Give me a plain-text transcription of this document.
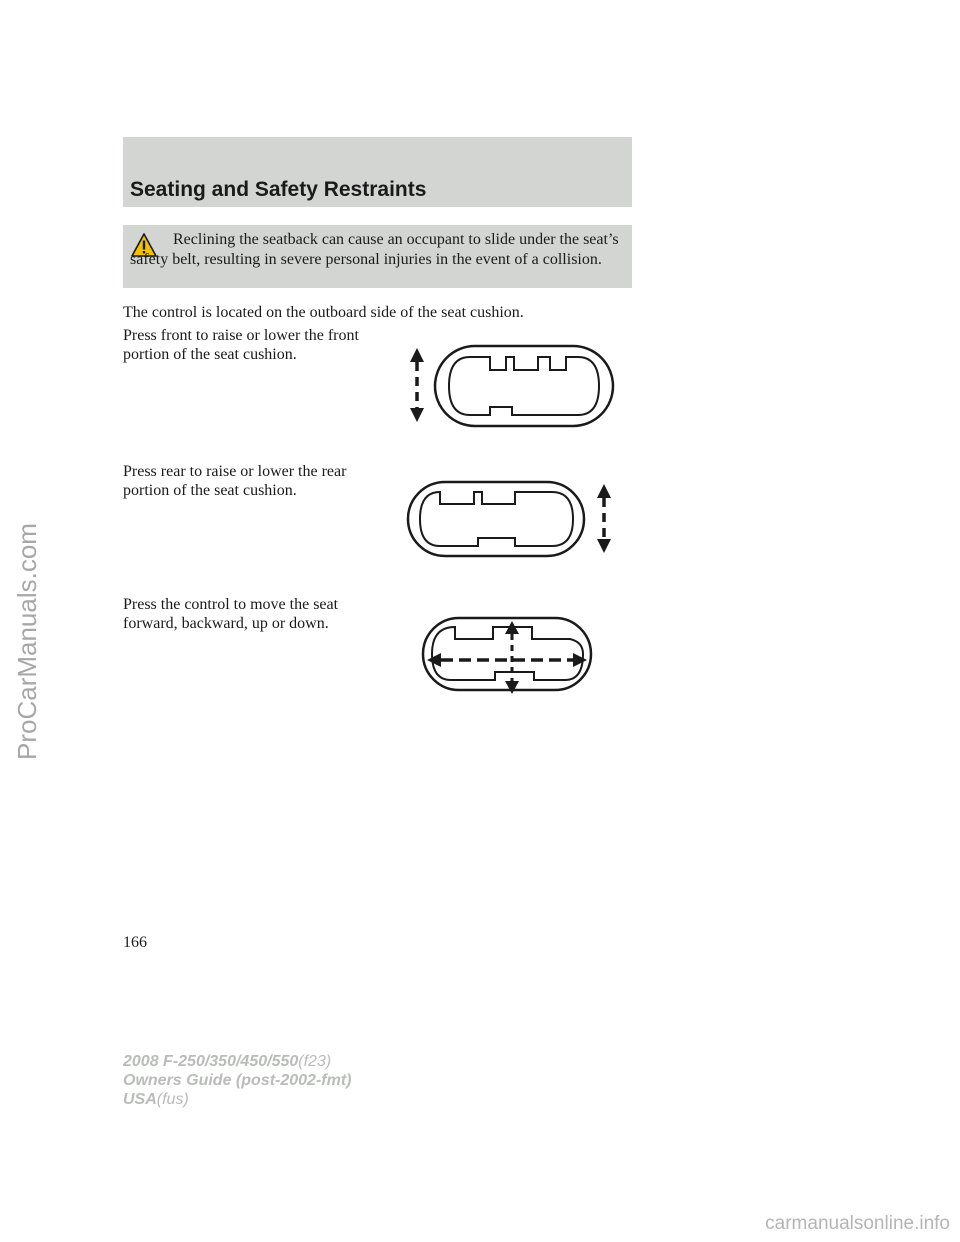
Seating and Safety Restraints

Reclining the seatback can cause an occupant to slide under the seat’s safety belt, resulting in severe personal injuries in the event of a collision.

The control is located on the outboard side of the seat cushion.

Press front to raise or lower the front portion of the seat cushion.

Press rear to raise or lower the rear portion of the seat cushion.

Press the control to move the seat forward, backward, up or down.

166

2008 F-250/350/450/550(f23)
Owners Guide (post-2002-fmt)
USA(fus)
ProCarManuals.com
carmanualsonline.info
